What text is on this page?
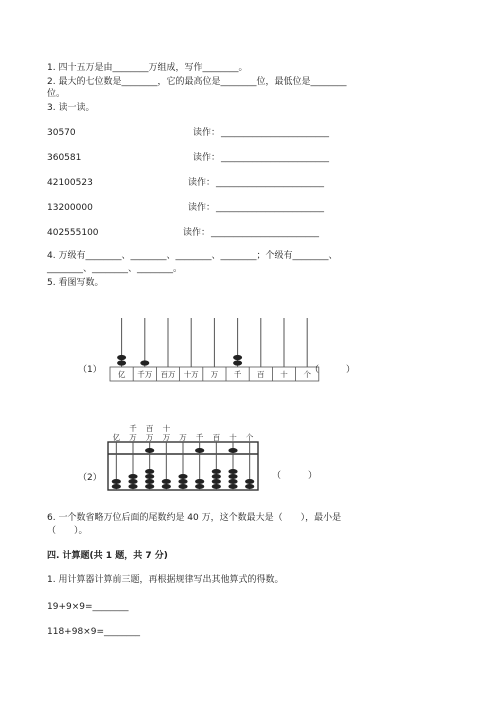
1. 四十五万是由________万组成，写作________。
2. 最大的七位数是________，它的最高位是________位，最低位是________
位。
3. 读一读。
30570	读作： ________________________
360581	读作： ________________________
42100523	读作： ________________________
13200000	读作： ________________________
402555100	读作： ________________________
4. 万级有________、________、________、________；个级有________、
________、________、________。
5. 看图写数。
亿 千万 百万 十万 万 千 百 十 个
（1）	（　　　）
亿
千
万
百
万
十
万 万 千 百 十 个
（2）	（　　　）
6. 一个数省略万位后面的尾数约是 40 万，这个数最大是（　　），最小是
（　　）。
四. 计算题(共 1 题，共 7 分)
1. 用计算器计算前三题，再根据规律写出其他算式的得数。
19+9×9=________
118+98×9=________
